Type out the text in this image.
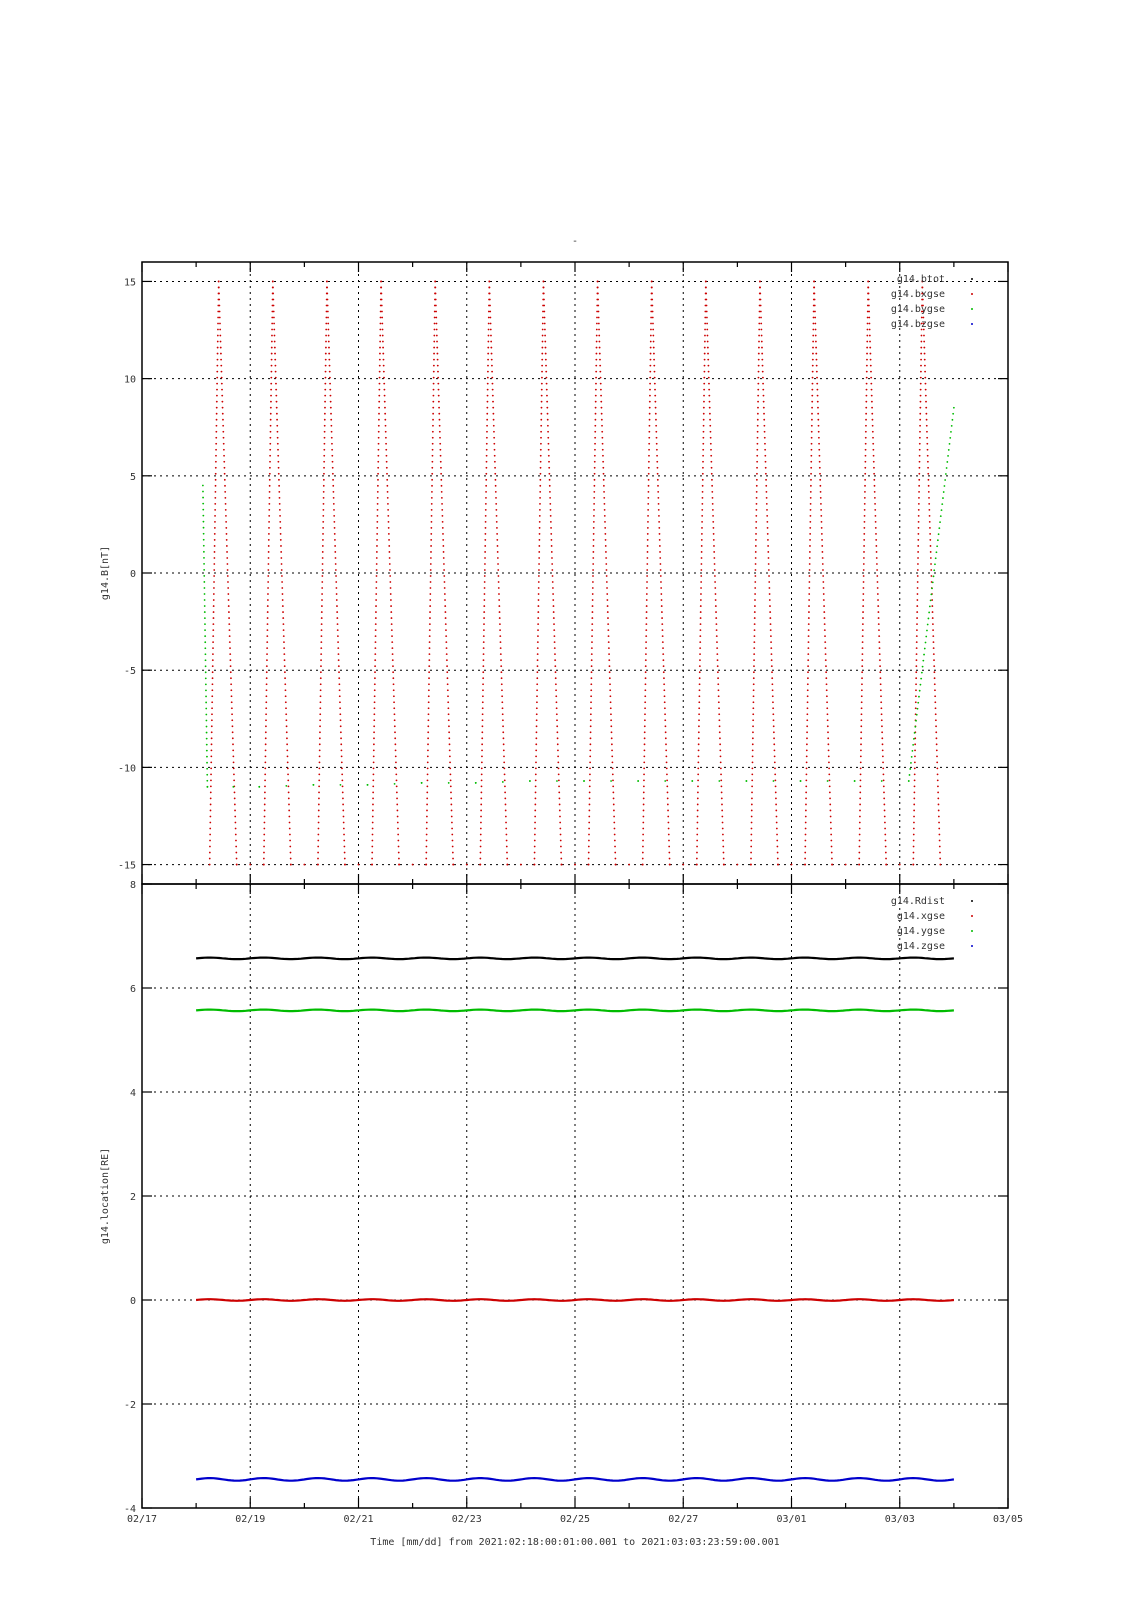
-
15
10
5
0
-5
-10
-15
g14.B[nT]
g14.btot
g14.bxgse
g14.bygse
g14.bzgse
8
6
4
2
0
-2
-4
g14.location[RE]
g14.Rdist
g14.xgse
g14.ygse
g14.zgse
02/17	02/19	02/21	02/23	02/25	02/27	03/01	03/03	03/05
Time [mm/dd] from 2021:02:18:00:01:00.001 to 2021:03:03:23:59:00.001
